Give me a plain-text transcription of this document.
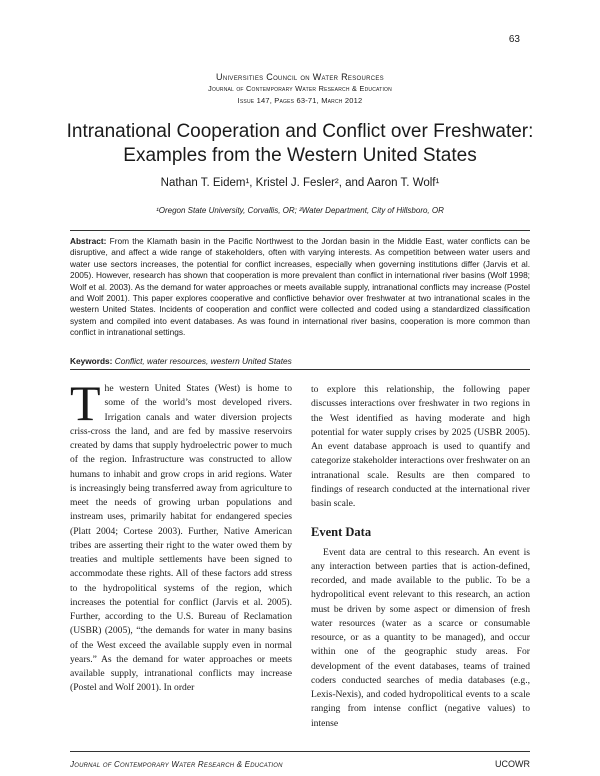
63
Universities Council on Water Resources
Journal of Contemporary Water Research & Education
Issue 147, Pages 63-71, March 2012
Intranational Cooperation and Conflict over Freshwater: Examples from the Western United States
Nathan T. Eidem¹, Kristel J. Fesler², and Aaron T. Wolf¹
¹Oregon State University, Corvallis, OR; ²Water Department, City of Hillsboro, OR
Abstract: From the Klamath basin in the Pacific Northwest to the Jordan basin in the Middle East, water conflicts can be disruptive, and affect a wide range of stakeholders, often with varying interests. As competition between water users and water use sectors increases, the potential for conflict increases, especially when governing institutions differ (Jarvis et al. 2005). However, research has shown that cooperation is more prevalent than conflict in international river basins (Wolf 1998; Wolf et al. 2003). As the demand for water approaches or meets available supply, intranational conflicts may increase (Postel and Wolf 2001). This paper explores cooperative and conflictive behavior over freshwater at two intranational scales in the western United States. Incidents of cooperation and conflict were collected and coded using a standardized classification system and compiled into event databases. As was found in international river basins, cooperation is more common than conflict in intranational settings.
Keywords: Conflict, water resources, western United States

The western United States (West) is home to some of the world’s most developed rivers. Irrigation canals and water diversion projects criss-cross the land, and are fed by massive reservoirs created by dams that supply hydroelectric power to much of the region. Infrastructure was constructed to allow humans to inhabit and grow crops in arid regions. Water is increasingly being transferred away from agriculture to meet the needs of growing urban populations and instream uses, primarily habitat for endangered species (Platt 2004; Cortese 2003). Further, Native American tribes are asserting their right to the water owed them by treaties and multiple settlements have been signed to accommodate these rights. All of these factors add stress to the hydropolitical systems of the region, which increases the potential for conflict (Jarvis et al. 2005). Further, according to the U.S. Bureau of Reclamation (USBR) (2005), “the demands for water in many basins of the West exceed the available supply even in normal years.” As the demand for water approaches or meets available supply, intranational conflicts may increase (Postel and Wolf 2001). In order

to explore this relationship, the following paper discusses interactions over freshwater in two regions in the West identified as having moderate and high potential for water supply crises by 2025 (USBR 2005). An event database approach is used to quantify and categorize stakeholder interactions over freshwater on an intranational scale. Results are then compared to findings of research conducted at the international river basin scale.

Event Data

Event data are central to this research. An event is any interaction between parties that is action-defined, recorded, and made available to the public. To be a hydropolitical event relevant to this research, an action must be driven by some aspect or dimension of fresh water resources (water as a scarce or consumable resource, or as a quantity to be managed), and occur within one of the geographic study areas. For development of the event databases, teams of trained coders conducted searches of media databases (e.g., Lexis-Nexis), and coded hydropolitical events to a scale ranging from intense conflict (negative values) to intense

Journal of Contemporary Water Research & Education	UCOWR
